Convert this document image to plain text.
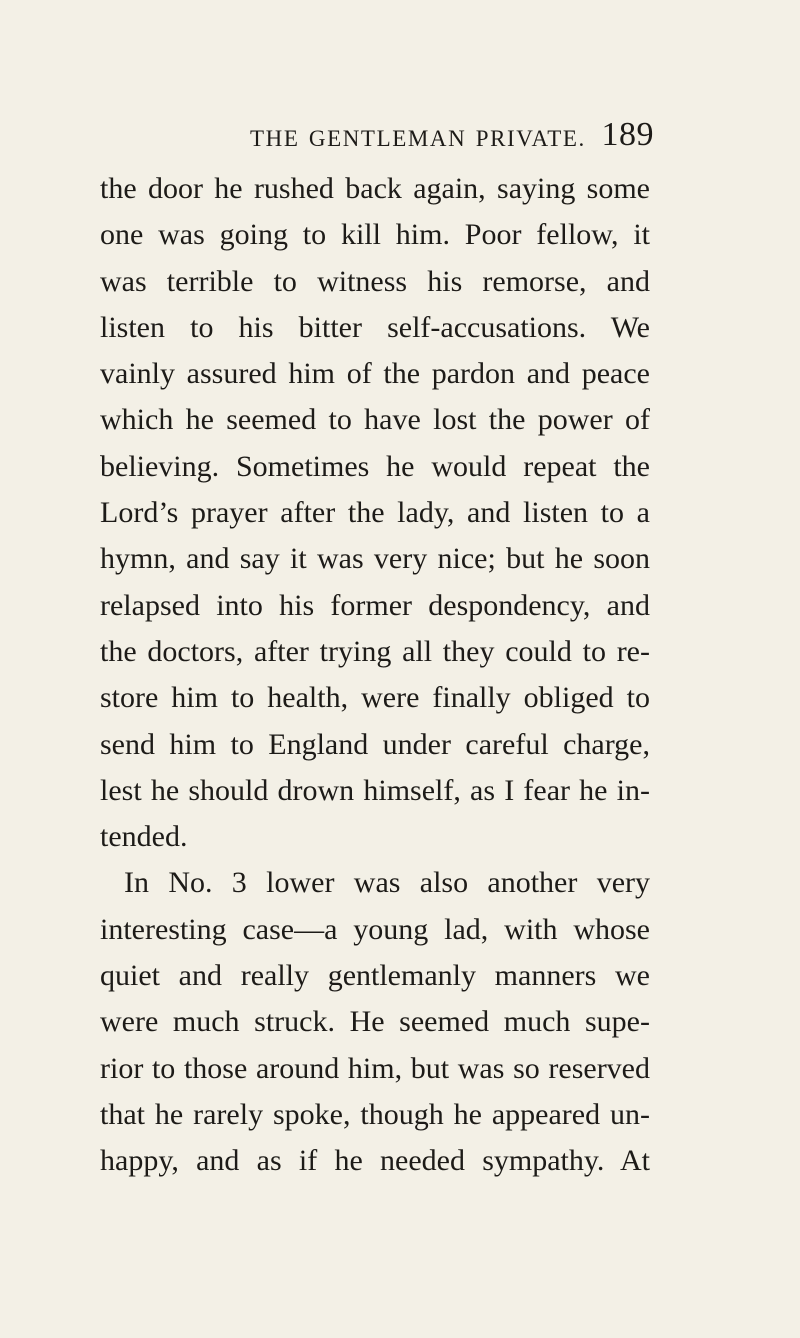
THE GENTLEMAN PRIVATE. 189
the door he rushed back again, saying some
one was going to kill him. Poor fellow, it
was terrible to witness his remorse, and
listen to his bitter self-accusations. We
vainly assured him of the pardon and peace
which he seemed to have lost the power of
believing. Sometimes he would repeat the
Lord’s prayer after the lady, and listen to a
hymn, and say it was very nice; but he soon
relapsed into his former despondency, and
the doctors, after trying all they could to re-
store him to health, were finally obliged to
send him to England under careful charge,
lest he should drown himself, as I fear he in-
tended.
In No. 3 lower was also another very
interesting case—a young lad, with whose
quiet and really gentlemanly manners we
were much struck. He seemed much supe-
rior to those around him, but was so reserved
that he rarely spoke, though he appeared un-
happy, and as if he needed sympathy. At
